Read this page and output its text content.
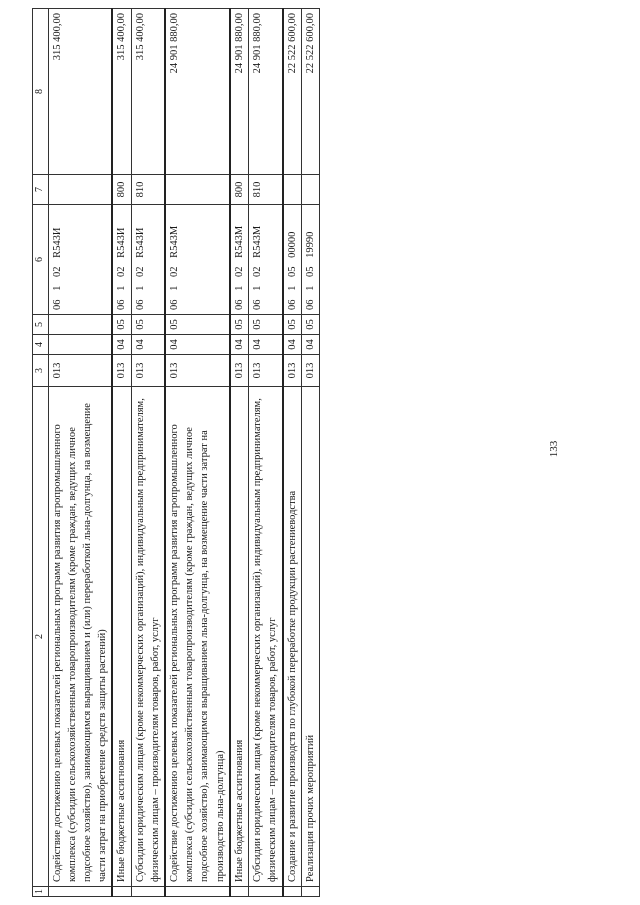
133
1	2	3	4	5	6	7	8
	Содействие достижению целевых показателей региональных программ развития агропромышленного комплекса (субсидии сельскохозяйственным товаропроизводителям (кроме граждан, ведущих личное подсобное хозяйство), занимающимся выращиванием и (или) переработкой льна-долгунца, на возмещение части затрат на приобретение средств защиты растений)	013			06 1 02 R543И		315 400,00
	Иные бюджетные ассигнования	013	04	05	06 1 02 R543И	800	315 400,00
	Субсидии юридическим лицам (кроме некоммерческих организаций), индивидуальным предпринимателям, физическим лицам – производителям товаров, работ, услуг	013	04	05	06 1 02 R543И	810	315 400,00
	Содействие достижению целевых показателей региональных программ развития агропромышленного комплекса (субсидии сельскохозяйственным товаропроизводителям (кроме граждан, ведущих личное подсобное хозяйство), занимающимся выращиванием льна-долгунца, на возмещение части затрат на производство льна-долгунца)	013	04	05	06 1 02 R543М		24 901 880,00
	Иные бюджетные ассигнования	013	04	05	06 1 02 R543М	800	24 901 880,00
	Субсидии юридическим лицам (кроме некоммерческих организаций), индивидуальным предпринимателям, физическим лицам – производителям товаров, работ, услуг	013	04	05	06 1 02 R543М	810	24 901 880,00
	Создание и развитие производств по глубокой переработке продукции растениеводства	013	04	05	06 1 05 00000		22 522 600,00
	Реализация прочих мероприятий	013	04	05	06 1 05 19990		22 522 600,00
